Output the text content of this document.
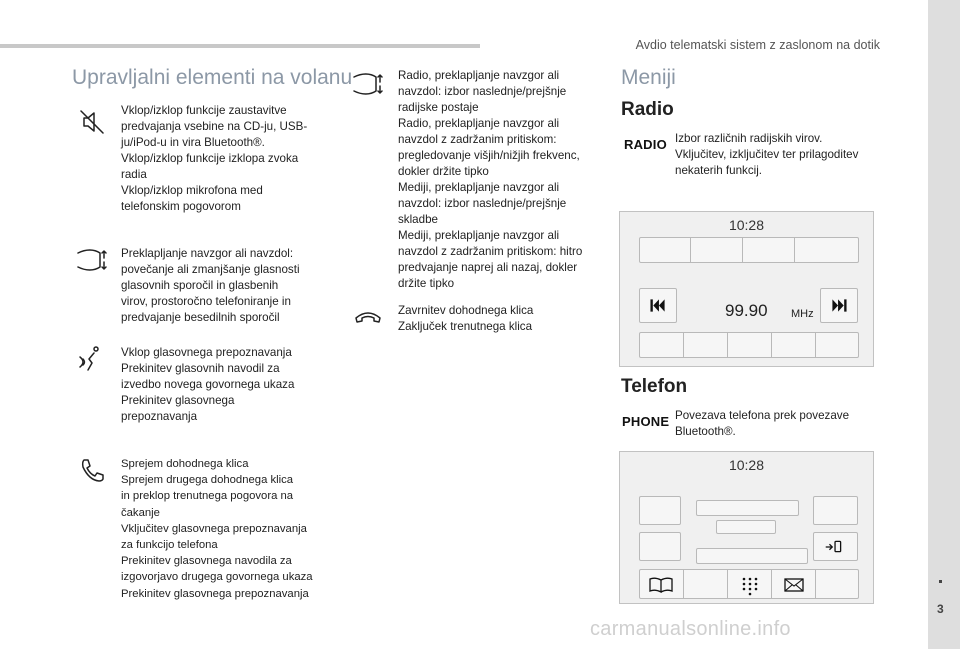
Avdio telematski sistem z zaslonom na dotik
Upravljalni elementi na volanu
Vklop/izklop funkcije zaustavitve
predvajanja vsebine na CD-ju, USB-
ju/iPod-u in vira Bluetooth®.
Vklop/izklop funkcije izklopa zvoka
radia
Vklop/izklop mikrofona med
telefonskim pogovorom
Preklapljanje navzgor ali navzdol:
povečanje ali zmanjšanje glasnosti
glasovnih sporočil in glasbenih
virov, prostoročno telefoniranje in
predvajanje besedilnih sporočil
Vklop glasovnega prepoznavanja
Prekinitev glasovnih navodil za
izvedbo novega govornega ukaza
Prekinitev glasovnega
prepoznavanja
Sprejem dohodnega klica
Sprejem drugega dohodnega klica
in preklop trenutnega pogovora na
čakanje
Vključitev glasovnega prepoznavanja
za funkcijo telefona
Prekinitev glasovnega navodila za
izgovorjavo drugega govornega ukaza
Prekinitev glasovnega prepoznavanja
Radio, preklapljanje navzgor ali
navzdol: izbor naslednje/prejšnje
radijske postaje
Radio, preklapljanje navzgor ali
navzdol z zadržanim pritiskom:
pregledovanje višjih/nižjih frekvenc,
dokler držite tipko
Mediji, preklapljanje navzgor ali
navzdol: izbor naslednje/prejšnje
skladbe
Mediji, preklapljanje navzgor ali
navzdol z zadržanim pritiskom: hitro
predvajanje naprej ali nazaj, dokler
držite tipko
Zavrnitev dohodnega klica
Zaključek trenutnega klica
Meniji
Radio
RADIO Izbor različnih radijskih virov.
Vključitev, izključitev ter prilagoditev
nekaterih funkcij.
10:28
99.90 MHz
Telefon
PHONE Povezava telefona prek povezave
Bluetooth®.
10:28
3
carmanualsonline.info
